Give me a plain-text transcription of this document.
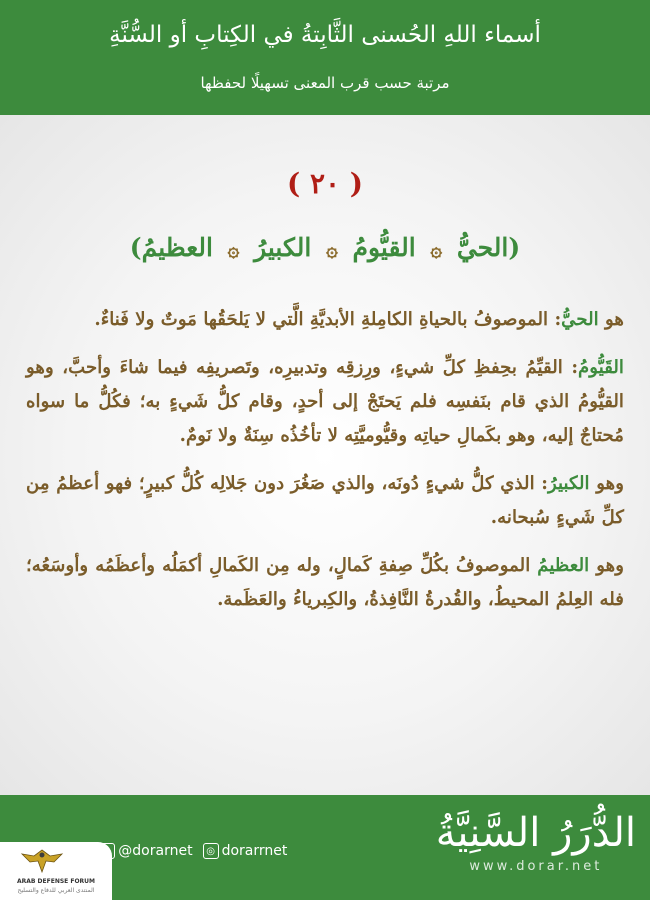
أسماء اللهِ الحُسنى الثَّابِتةُ في الكِتابِ أو السُّنَّةِ
مرتبة حسب قرب المعنى تسهيلًا لحفظها
( ٢٠ )
(الحيُّ ۞ القيُّومُ ۞ الكبيرُ ۞ العظيمُ)

هو الحيُّ: الموصوفُ بالحياةِ الكامِلةِ الأبديَّةِ الَّتي لا يَلحَقُها مَوتٌ ولا فَناءٌ.

القَيُّومُ: القيِّمُ بحِفظِ كلِّ شيءٍ، ورِزقِه وتدبيرِه، وتَصريفِه فيما شاءَ وأحبَّ، وهو القيُّومُ الذي قام بنَفسِه فلم يَحتَجْ إلى أحدٍ، وقام كلُّ شَيءٍ به؛ فكُلُّ ما سواه مُحتاجٌ إليه، وهو بكَمالِ حياتِه وقيُّوميَّتِه لا تأخُذُه سِنَةٌ ولا نَومٌ.

وهو الكبيرُ: الذي كلُّ شيءٍ دُونَه، والذي صَغُرَ دون جَلالِه كُلُّ كبيرٍ؛ فهو أعظمُ مِن كلِّ شَيءٍ سُبحانه.

وهو العظيمُ الموصوفُ بكُلِّ صِفةِ كَمالٍ، وله مِن الكَمالِ أكمَلُه وأعظَمُه وأوسَعُه؛ فله العِلمُ المحيطُ، والقُدرةُ النَّافِذةُ، والكِبرياءُ والعَظَمة.

@dorarnet	◎ dorarrnet	الدُّرَرُ السَّنِيَّةُ
www.dorar.net
ARAB DEFENSE FORUM
المنتدى العربي للدفاع والتسليح
